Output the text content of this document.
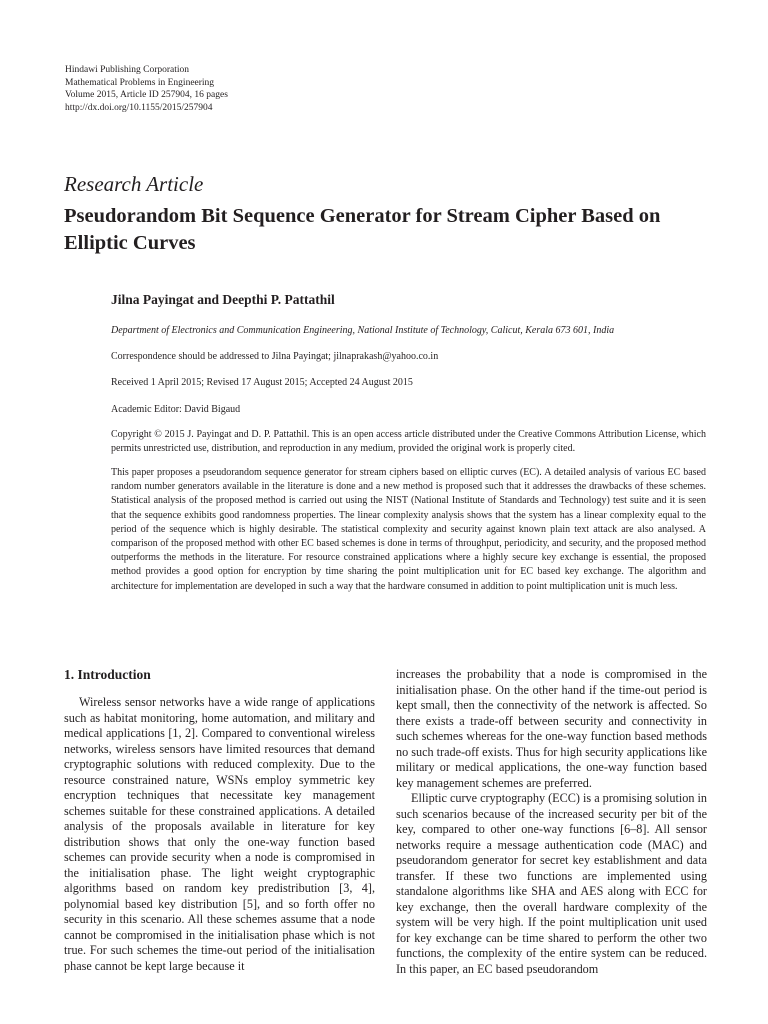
Hindawi Publishing Corporation
Mathematical Problems in Engineering
Volume 2015, Article ID 257904, 16 pages
http://dx.doi.org/10.1155/2015/257904
Research Article
Pseudorandom Bit Sequence Generator for Stream Cipher Based on Elliptic Curves
Jilna Payingat and Deepthi P. Pattathil
Department of Electronics and Communication Engineering, National Institute of Technology, Calicut, Kerala 673 601, India
Correspondence should be addressed to Jilna Payingat; jilnaprakash@yahoo.co.in
Received 1 April 2015; Revised 17 August 2015; Accepted 24 August 2015
Academic Editor: David Bigaud
Copyright © 2015 J. Payingat and D. P. Pattathil. This is an open access article distributed under the Creative Commons Attribution License, which permits unrestricted use, distribution, and reproduction in any medium, provided the original work is properly cited.
This paper proposes a pseudorandom sequence generator for stream ciphers based on elliptic curves (EC). A detailed analysis of various EC based random number generators available in the literature is done and a new method is proposed such that it addresses the drawbacks of these schemes. Statistical analysis of the proposed method is carried out using the NIST (National Institute of Standards and Technology) test suite and it is seen that the sequence exhibits good randomness properties. The linear complexity analysis shows that the system has a linear complexity equal to the period of the sequence which is highly desirable. The statistical complexity and security against known plain text attack are also analysed. A comparison of the proposed method with other EC based schemes is done in terms of throughput, periodicity, and security, and the proposed method outperforms the methods in the literature. For resource constrained applications where a highly secure key exchange is essential, the proposed method provides a good option for encryption by time sharing the point multiplication unit for EC based key exchange. The algorithm and architecture for implementation are developed in such a way that the hardware consumed in addition to point multiplication unit is much less.
1. Introduction

Wireless sensor networks have a wide range of applications such as habitat monitoring, home automation, and military and medical applications [1, 2]. Compared to conventional wireless networks, wireless sensors have limited resources that demand cryptographic solutions with reduced complexity. Due to the resource constrained nature, WSNs employ symmetric key encryption techniques that necessitate key management schemes suitable for these constrained applications. A detailed analysis of the proposals available in literature for key distribution shows that only the one-way function based schemes can provide security when a node is compromised in the initialisation phase. The light weight cryptographic algorithms based on random key predistribution [3, 4], polynomial based key distribution [5], and so forth offer no security in this scenario. All these schemes assume that a node cannot be compromised in the initialisation phase which is not true. For such schemes the time-out period of the initialisation phase cannot be kept large because it

increases the probability that a node is compromised in the initialisation phase. On the other hand if the time-out period is kept small, then the connectivity of the network is affected. So there exists a trade-off between security and connectivity in such schemes whereas for the one-way function based methods no such trade-off exists. Thus for high security applications like military or medical applications, the one-way function based key management schemes are preferred.

Elliptic curve cryptography (ECC) is a promising solution in such scenarios because of the increased security per bit of the key, compared to other one-way functions [6–8]. All sensor networks require a message authentication code (MAC) and pseudorandom generator for secret key establishment and data transfer. If these two functions are implemented using standalone algorithms like SHA and AES along with ECC for key exchange, then the overall hardware complexity of the system will be very high. If the point multiplication unit used for key exchange can be time shared to perform the other two functions, the complexity of the entire system can be reduced. In this paper, an EC based pseudorandom
